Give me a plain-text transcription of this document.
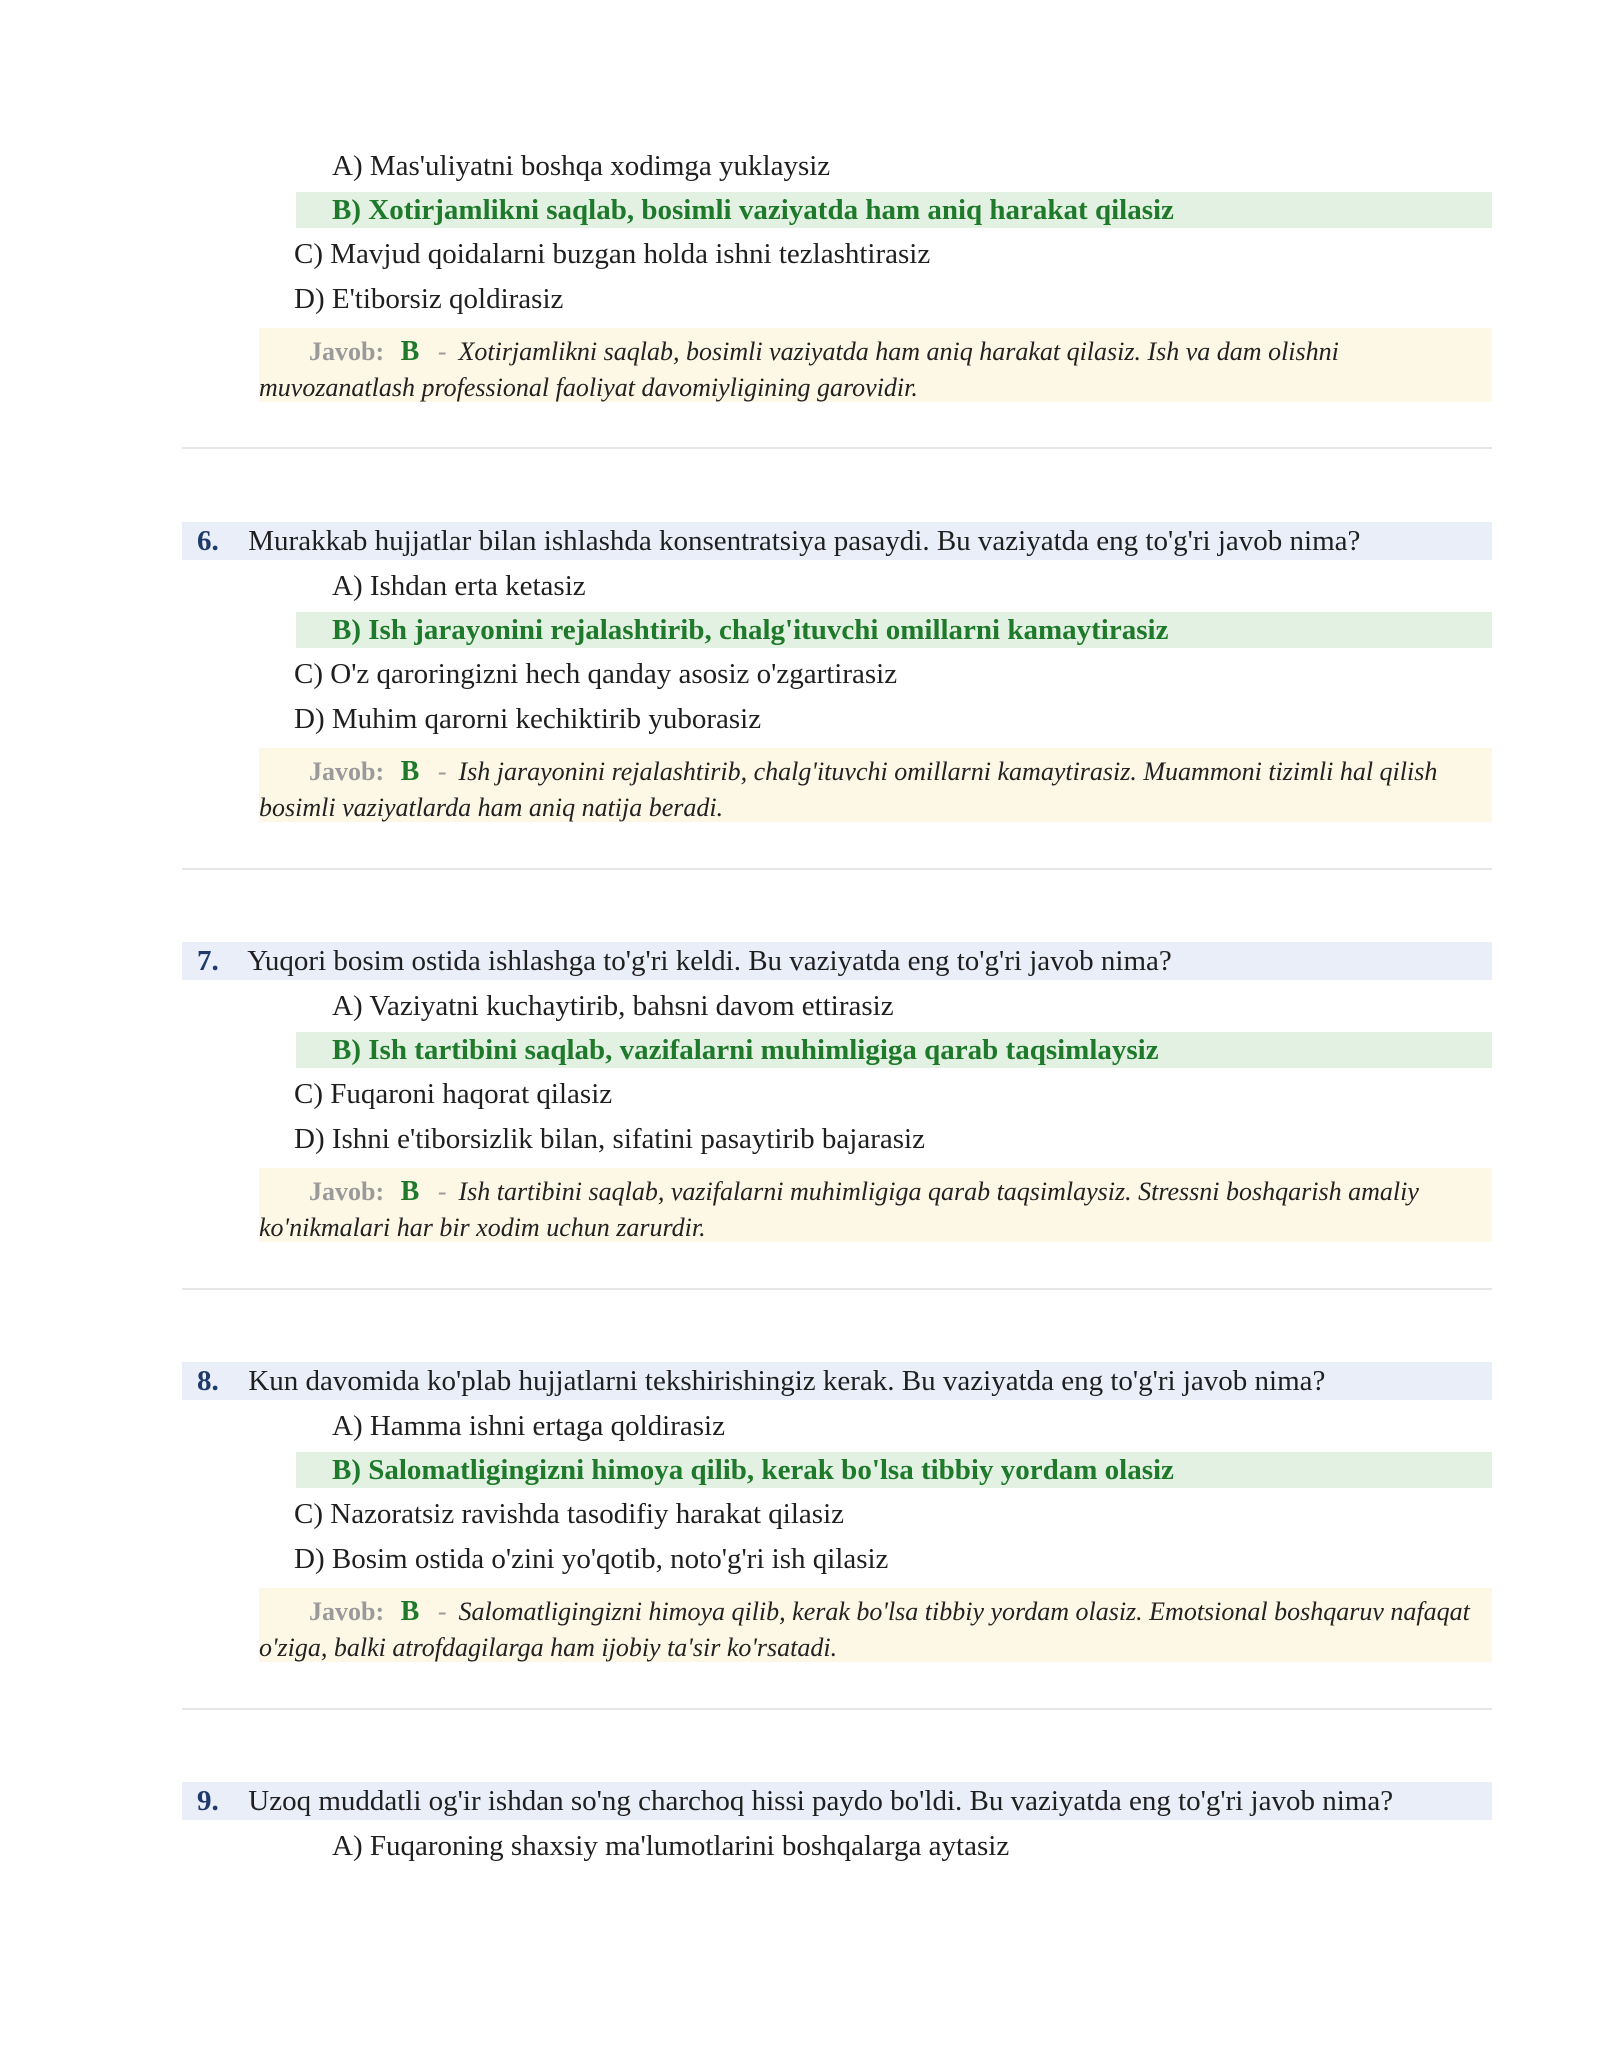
A) Mas'uliyatni boshqa xodimga yuklaysiz
B) Xotirjamlikni saqlab, bosimli vaziyatda ham aniq harakat qilasiz
C) Mavjud qoidalarni buzgan holda ishni tezlashtirasiz
D) E'tiborsiz qoldirasiz
Javob: B - Xotirjamlikni saqlab, bosimli vaziyatda ham aniq harakat qilasiz. Ish va dam olishni muvozanatlash professional faoliyat davomiyligining garovidir.
6. Murakkab hujjatlar bilan ishlashda konsentratsiya pasaydi. Bu vaziyatda eng to'g'ri javob nima?
A) Ishdan erta ketasiz
B) Ish jarayonini rejalashtirib, chalg'ituvchi omillarni kamaytirasiz
C) O'z qaroringizni hech qanday asosiz o'zgartirasiz
D) Muhim qarorni kechiktirib yuborasiz
Javob: B - Ish jarayonini rejalashtirib, chalg'ituvchi omillarni kamaytirasiz. Muammoni tizimli hal qilish bosimli vaziyatlarda ham aniq natija beradi.
7. Yuqori bosim ostida ishlashga to'g'ri keldi. Bu vaziyatda eng to'g'ri javob nima?
A) Vaziyatni kuchaytirib, bahsni davom ettirasiz
B) Ish tartibini saqlab, vazifalarni muhimligiga qarab taqsimlaysiz
C) Fuqaroni haqorat qilasiz
D) Ishni e'tiborsizlik bilan, sifatini pasaytirib bajarasiz
Javob: B - Ish tartibini saqlab, vazifalarni muhimligiga qarab taqsimlaysiz. Stressni boshqarish amaliy ko'nikmalari har bir xodim uchun zarurdir.
8. Kun davomida ko'plab hujjatlarni tekshirishingiz kerak. Bu vaziyatda eng to'g'ri javob nima?
A) Hamma ishni ertaga qoldirasiz
B) Salomatligingizni himoya qilib, kerak bo'lsa tibbiy yordam olasiz
C) Nazoratsiz ravishda tasodifiy harakat qilasiz
D) Bosim ostida o'zini yo'qotib, noto'g'ri ish qilasiz
Javob: B - Salomatligingizni himoya qilib, kerak bo'lsa tibbiy yordam olasiz. Emotsional boshqaruv nafaqat o'ziga, balki atrofdagilarga ham ijobiy ta'sir ko'rsatadi.
9. Uzoq muddatli og'ir ishdan so'ng charchoq hissi paydo bo'ldi. Bu vaziyatda eng to'g'ri javob nima?
A) Fuqaroning shaxsiy ma'lumotlarini boshqalarga aytasiz
